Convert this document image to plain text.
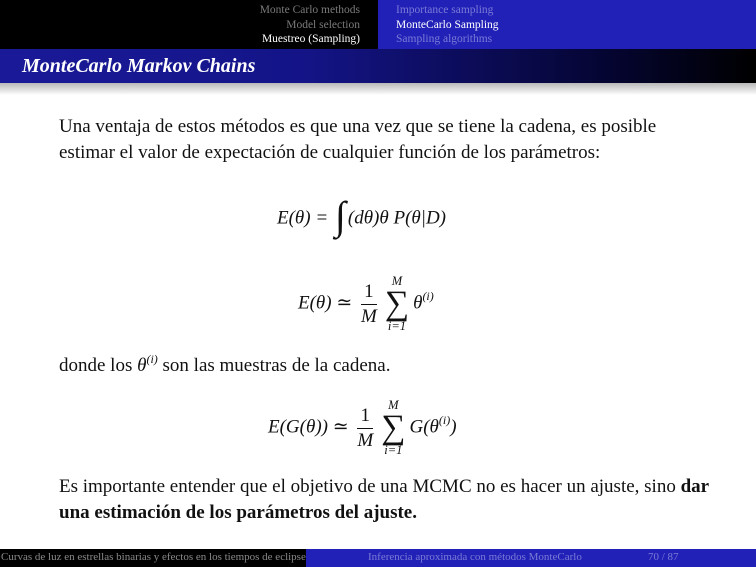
Monte Carlo methods
Model selection
Muestreo (Sampling)
Importance sampling
MonteCarlo Sampling
Sampling algorithms
MonteCarlo Markov Chains
Una ventaja de estos métodos es que una vez que se tiene la cadena, es posible estimar el valor de expectación de cualquier función de los parámetros:
E(θ) = ∫ (dθ)θ P(θ|D)
E(θ) ≃ $\frac{1}{M}$	M
∑
i=1
$\theta^{(i)}$
donde los $\theta^{(i)}$ son las muestras de la cadena.
E(G(θ)) ≃ $\frac{1}{M}$	M
∑
i=1
$G(\theta^{(i)})$
Es importante entender que el objetivo de una MCMC no es hacer un ajuste, sino dar una estimación de los parámetros del ajuste.
Curvas de luz en estrellas binarias y efectos en los tiempos de eclipse	Inferencia aproximada con métodos MonteCarlo	70 / 87
